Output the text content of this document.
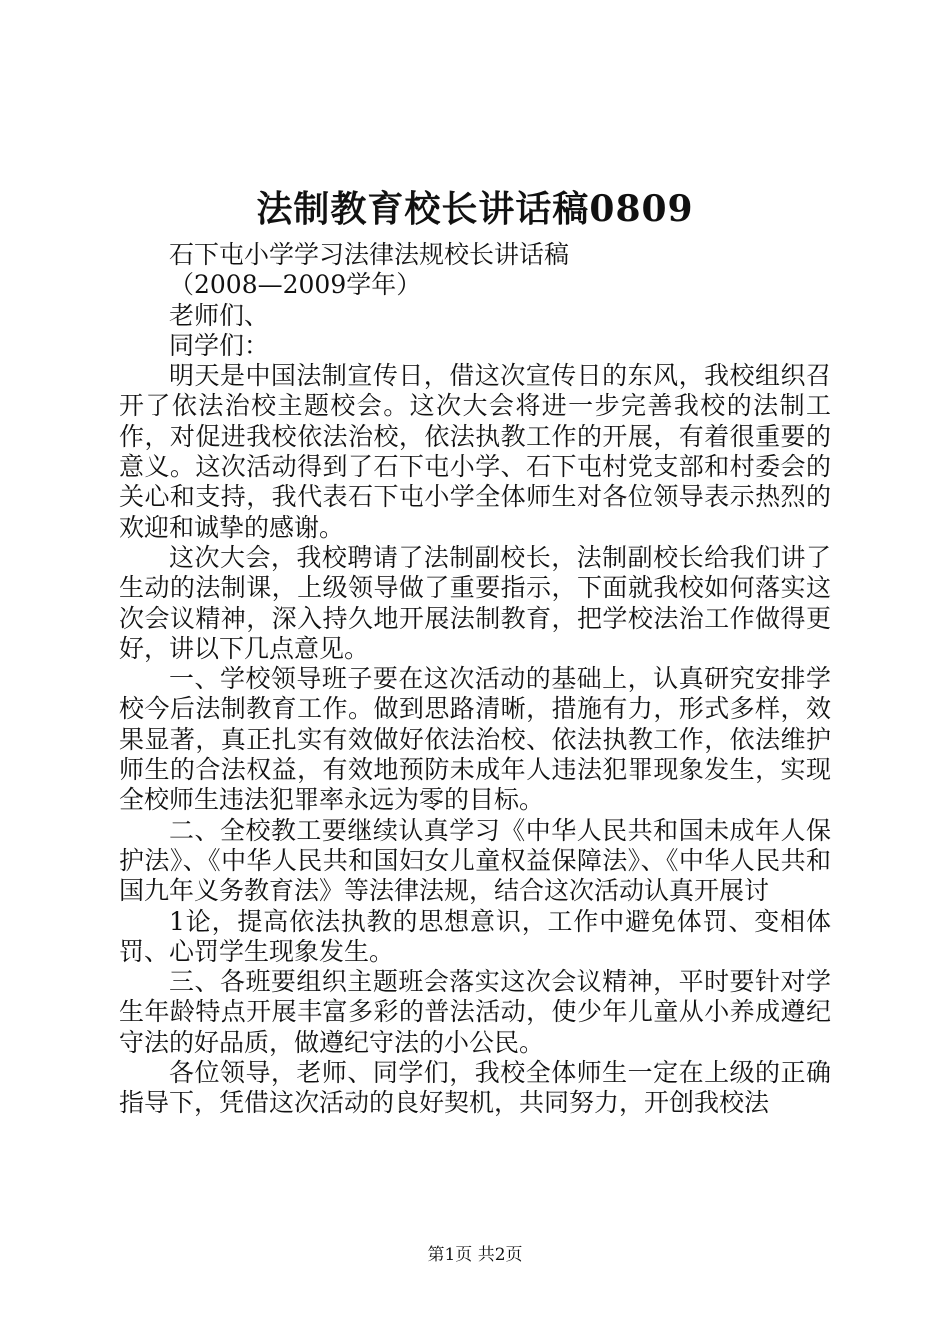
法制教育校长讲话稿0809

石下屯小学学习法律法规校长讲话稿

（2008—2009学年）

老师们、

同学们：

明天是中国法制宣传日，借这次宣传日的东风，我校组织召开了依法治校主题校会。这次大会将进一步完善我校的法制工作，对促进我校依法治校，依法执教工作的开展，有着很重要的意义。这次活动得到了石下屯小学、石下屯村党支部和村委会的关心和支持，我代表石下屯小学全体师生对各位领导表示热烈的欢迎和诚挚的感谢。

这次大会，我校聘请了法制副校长，法制副校长给我们讲了生动的法制课，上级领导做了重要指示，下面就我校如何落实这次会议精神，深入持久地开展法制教育，把学校法治工作做得更好，讲以下几点意见。

一、学校领导班子要在这次活动的基础上，认真研究安排学校今后法制教育工作。做到思路清晰，措施有力，形式多样，效果显著，真正扎实有效做好依法治校、依法执教工作，依法维护师生的合法权益，有效地预防未成年人违法犯罪现象发生，实现全校师生违法犯罪率永远为零的目标。

二、全校教工要继续认真学习《中华人民共和国未成年人保护法》、《中华人民共和国妇女儿童权益保障法》、《中华人民共和国九年义务教育法》等法律法规，结合这次活动认真开展讨

1论，提高依法执教的思想意识，工作中避免体罚、变相体罚、心罚学生现象发生。

三、各班要组织主题班会落实这次会议精神，平时要针对学生年龄特点开展丰富多彩的普法活动，使少年儿童从小养成遵纪守法的好品质，做遵纪守法的小公民。

各位领导，老师、同学们，我校全体师生一定在上级的正确指导下，凭借这次活动的良好契机，共同努力，开创我校法

第1页 共2页
